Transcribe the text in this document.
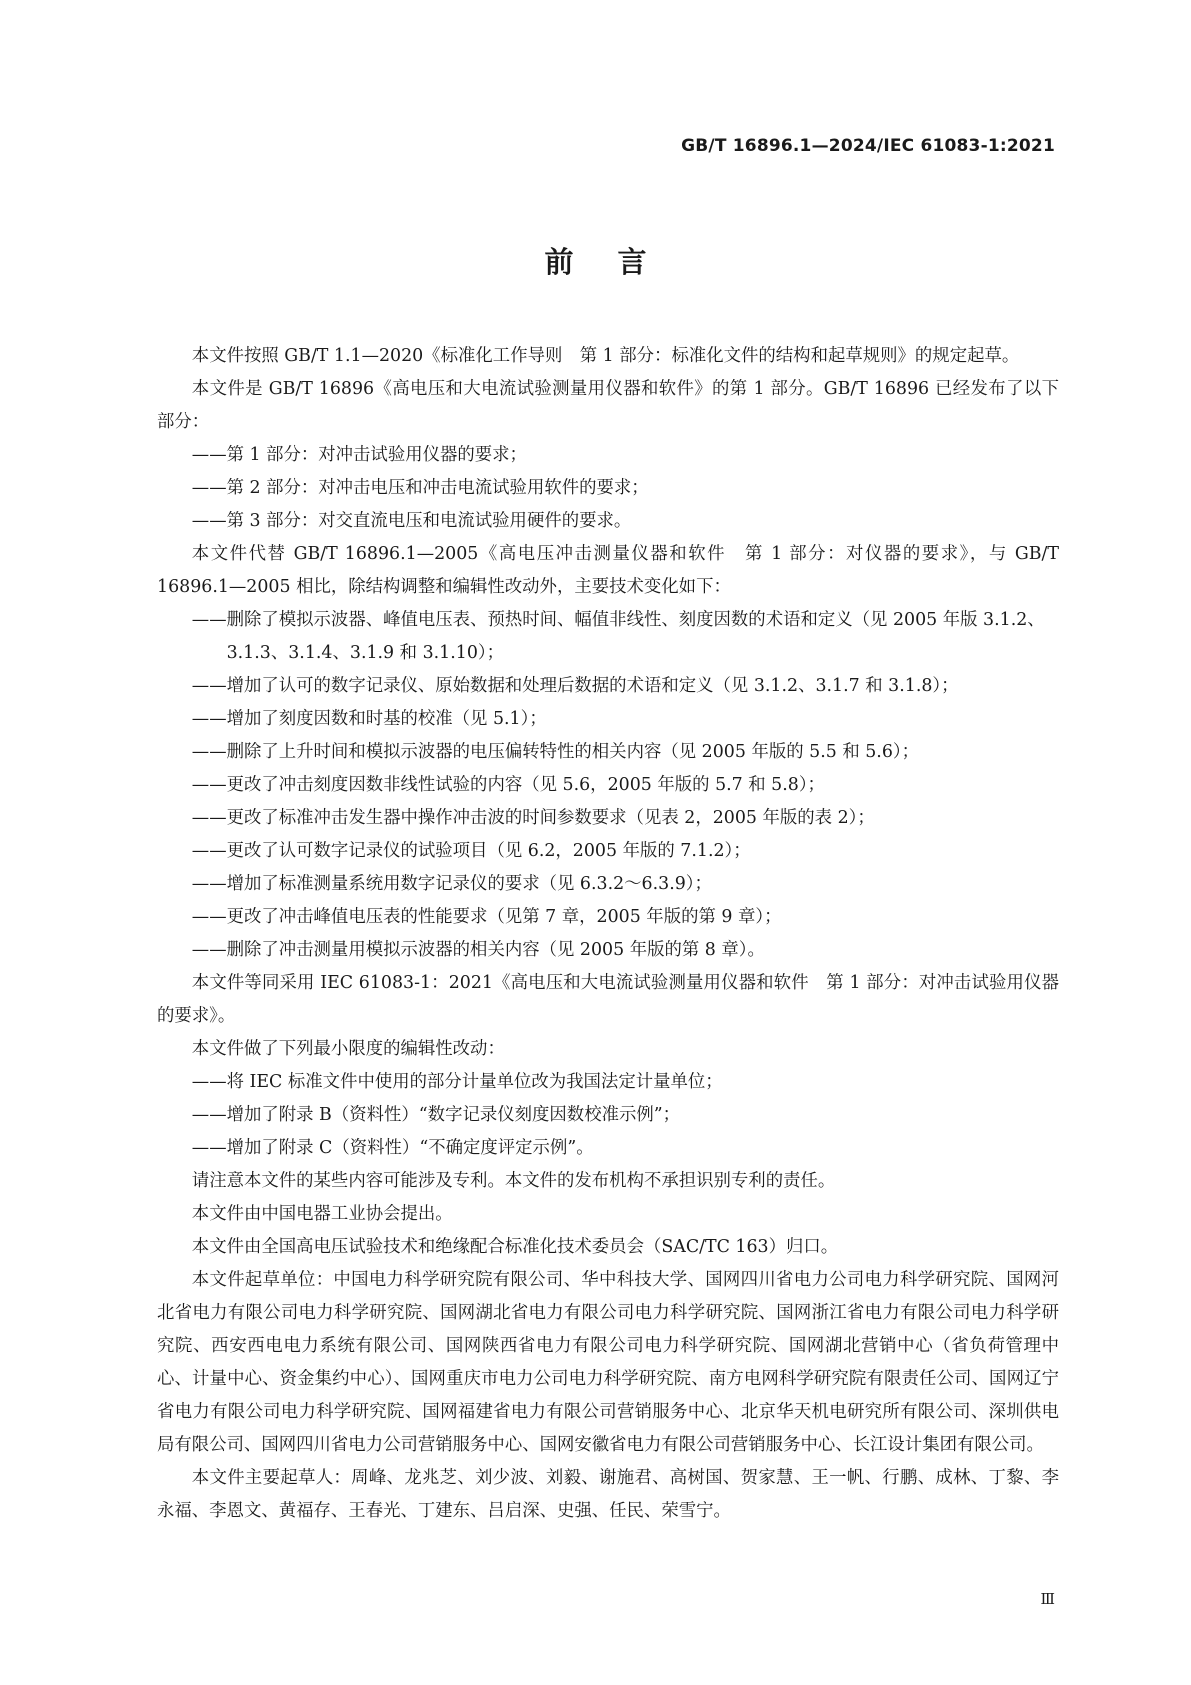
GB/T 16896.1—2024/IEC 61083-1:2021
前言

本文件按照 GB/T 1.1—2020《标准化工作导则　第 1 部分：标准化文件的结构和起草规则》的规定起草。

本文件是 GB/T 16896《高电压和大电流试验测量用仪器和软件》的第 1 部分。GB/T 16896 已经发布了以下部分：

——第 1 部分：对冲击试验用仪器的要求；

——第 2 部分：对冲击电压和冲击电流试验用软件的要求；

——第 3 部分：对交直流电压和电流试验用硬件的要求。

本文件代替 GB/T 16896.1—2005《高电压冲击测量仪器和软件　第 1 部分：对仪器的要求》，与 GB/T 16896.1—2005 相比，除结构调整和编辑性改动外，主要技术变化如下：

——删除了模拟示波器、峰值电压表、预热时间、幅值非线性、刻度因数的术语和定义（见 2005 年版 3.1.2、3.1.3、3.1.4、3.1.9 和 3.1.10）；

——增加了认可的数字记录仪、原始数据和处理后数据的术语和定义（见 3.1.2、3.1.7 和 3.1.8）；

——增加了刻度因数和时基的校准（见 5.1）；

——删除了上升时间和模拟示波器的电压偏转特性的相关内容（见 2005 年版的 5.5 和 5.6）；

——更改了冲击刻度因数非线性试验的内容（见 5.6，2005 年版的 5.7 和 5.8）；

——更改了标准冲击发生器中操作冲击波的时间参数要求（见表 2，2005 年版的表 2）；

——更改了认可数字记录仪的试验项目（见 6.2，2005 年版的 7.1.2）；

——增加了标准测量系统用数字记录仪的要求（见 6.3.2～6.3.9）；

——更改了冲击峰值电压表的性能要求（见第 7 章，2005 年版的第 9 章）；

——删除了冲击测量用模拟示波器的相关内容（见 2005 年版的第 8 章）。

本文件等同采用 IEC 61083-1：2021《高电压和大电流试验测量用仪器和软件　第 1 部分：对冲击试验用仪器的要求》。

本文件做了下列最小限度的编辑性改动：

——将 IEC 标准文件中使用的部分计量单位改为我国法定计量单位；

——增加了附录 B（资料性）“数字记录仪刻度因数校准示例”；

——增加了附录 C（资料性）“不确定度评定示例”。

请注意本文件的某些内容可能涉及专利。本文件的发布机构不承担识别专利的责任。

本文件由中国电器工业协会提出。

本文件由全国高电压试验技术和绝缘配合标准化技术委员会（SAC/TC 163）归口。

本文件起草单位：中国电力科学研究院有限公司、华中科技大学、国网四川省电力公司电力科学研究院、国网河北省电力有限公司电力科学研究院、国网湖北省电力有限公司电力科学研究院、国网浙江省电力有限公司电力科学研究院、西安西电电力系统有限公司、国网陕西省电力有限公司电力科学研究院、国网湖北营销中心（省负荷管理中心、计量中心、资金集约中心）、国网重庆市电力公司电力科学研究院、南方电网科学研究院有限责任公司、国网辽宁省电力有限公司电力科学研究院、国网福建省电力有限公司营销服务中心、北京华天机电研究所有限公司、深圳供电局有限公司、国网四川省电力公司营销服务中心、国网安徽省电力有限公司营销服务中心、长江设计集团有限公司。

本文件主要起草人：周峰、龙兆芝、刘少波、刘毅、谢施君、高树国、贺家慧、王一帆、行鹏、成林、丁黎、李永福、李恩文、黄福存、王春光、丁建东、吕启深、史强、任民、荣雪宁。

Ⅲ
